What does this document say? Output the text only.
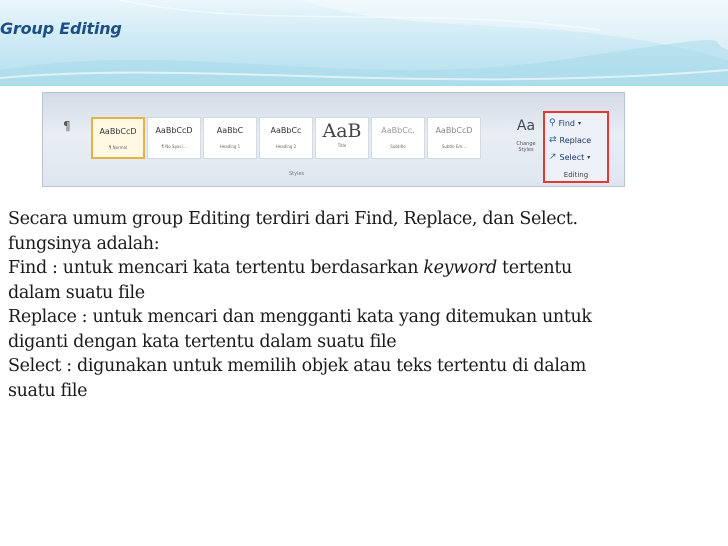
Group Editing
¶	AaBbCcD
¶ Normal
AaBbCcD
¶ No Spaci...
AaBbC
Heading 1
AaBbCc
Heading 2
AaB
Title
AaBbCc.
Subtitle
AaBbCcD
Subtle Em...
Styles
Aa
Change Styles
⚲ Find ▾
⇄ Replace
↗ Select ▾
Editing

Secara umum group Editing terdiri dari Find, Replace, dan Select.

fungsinya adalah:

Find : untuk mencari kata tertentu berdasarkan keyword tertentu

dalam suatu file

Replace : untuk mencari dan mengganti kata yang ditemukan untuk

diganti dengan kata tertentu dalam suatu file

Select : digunakan untuk memilih objek atau teks tertentu di dalam

suatu file
